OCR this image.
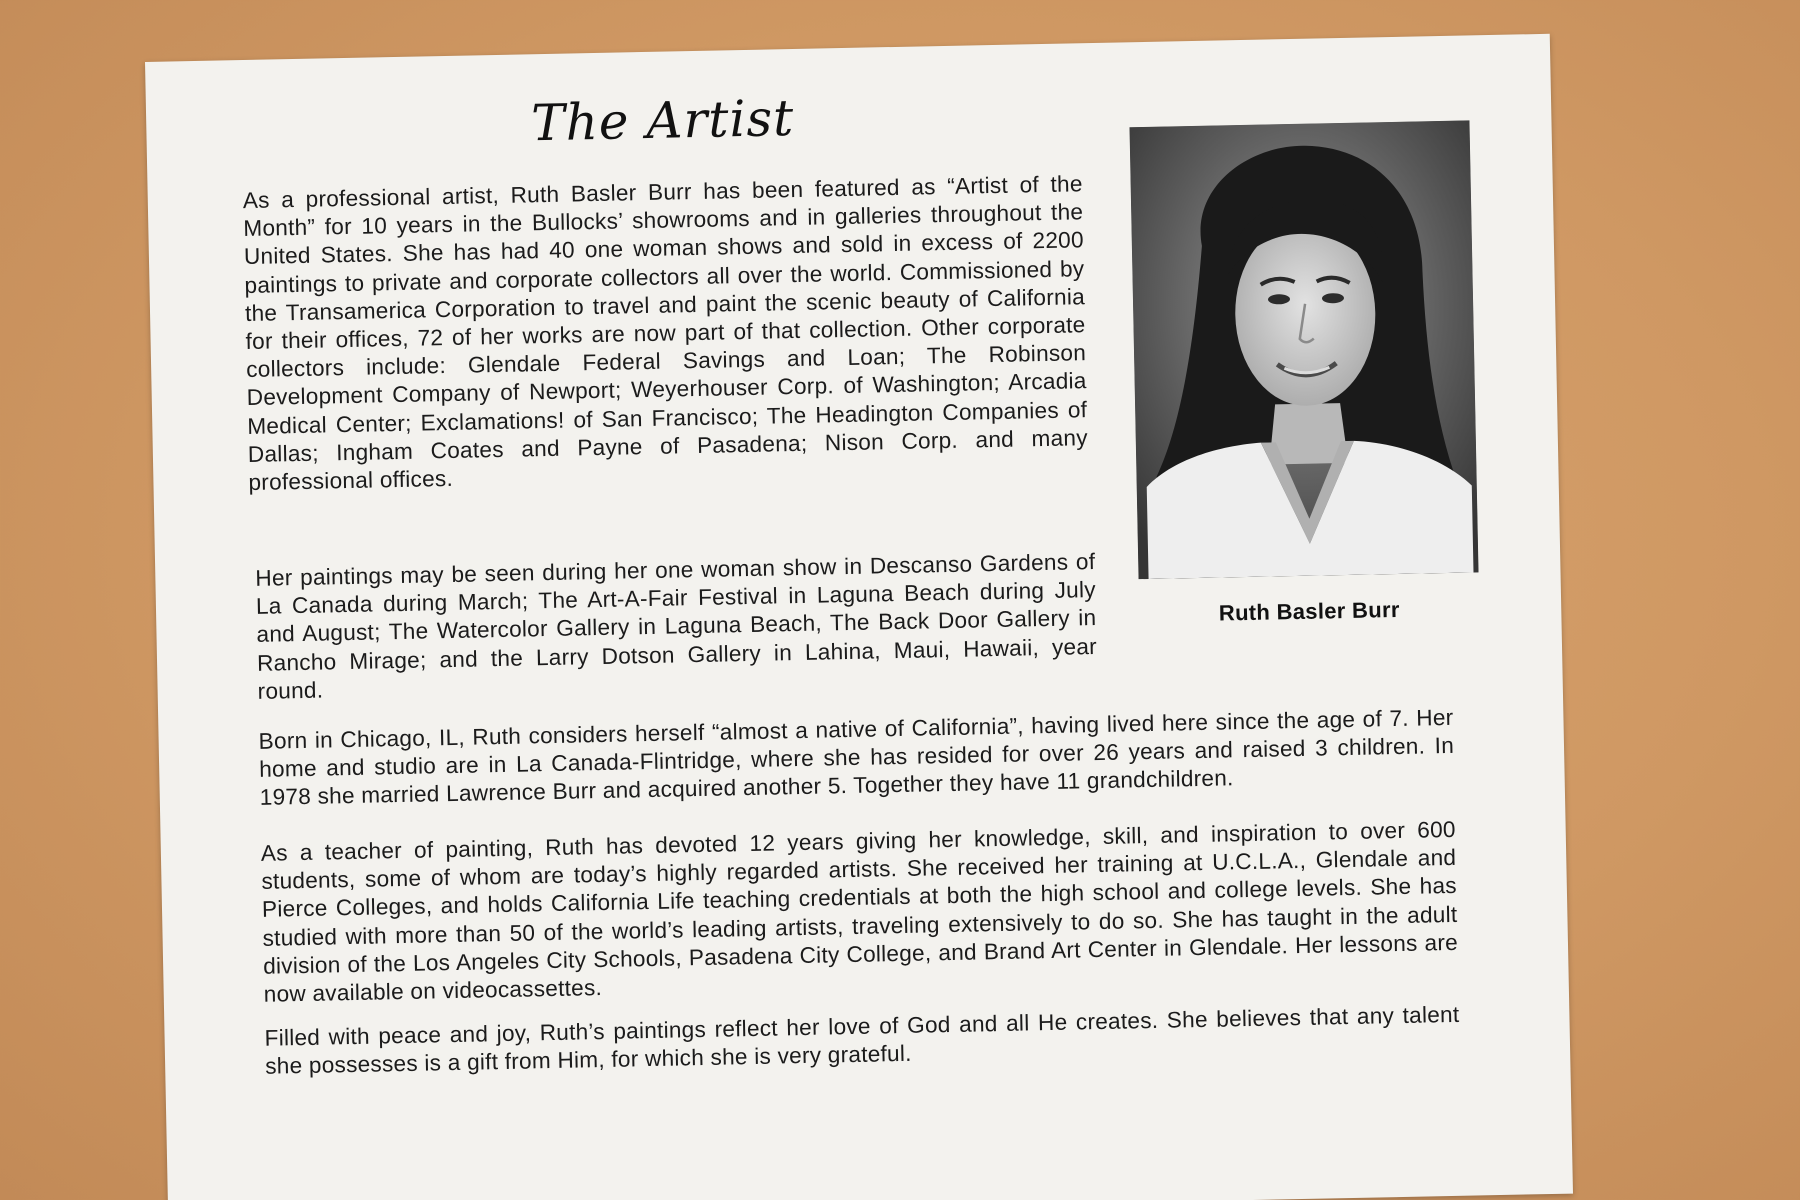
The Artist

As a professional artist, Ruth Basler Burr has been featured as “Artist of the Month” for 10 years in the Bullocks’ showrooms and in galleries throughout the United States. She has had 40 one woman shows and sold in excess of 2200 paintings to private and corporate collectors all over the world. Commissioned by the Transamerica Corporation to travel and paint the scenic beauty of California for their offices, 72 of her works are now part of that collection. Other corporate collectors include: Glendale Federal Savings and Loan; The Robinson Development Company of Newport; Weyerhouser Corp. of Washington; Arcadia Medical Center; Exclamations! of San Francisco; The Headington Companies of Dallas; Ingham Coates and Payne of Pasadena; Nison Corp. and many professional offices.

Her paintings may be seen during her one woman show in Descanso Gardens of La Canada during March; The Art-A-Fair Festival in Laguna Beach during July and August; The Watercolor Gallery in Laguna Beach, The Back Door Gallery in Rancho Mirage; and the Larry Dotson Gallery in Lahina, Maui, Hawaii, year round.

Born in Chicago, IL, Ruth considers herself “almost a native of California”, having lived here since the age of 7. Her home and studio are in La Canada-Flintridge, where she has resided for over 26 years and raised 3 children. In 1978 she married Lawrence Burr and acquired another 5. Together they have 11 grandchildren.

As a teacher of painting, Ruth has devoted 12 years giving her knowledge, skill, and inspiration to over 600 students, some of whom are today’s highly regarded artists. She received her training at U.C.L.A., Glendale and Pierce Colleges, and holds California Life teaching credentials at both the high school and college levels. She has studied with more than 50 of the world’s leading artists, traveling extensively to do so. She has taught in the adult division of the Los Angeles City Schools, Pasadena City College, and Brand Art Center in Glendale. Her lessons are now available on videocassettes.

Filled with peace and joy, Ruth’s paintings reflect her love of God and all He creates. She believes that any talent she possesses is a gift from Him, for which she is very grateful.

Ruth Basler Burr
